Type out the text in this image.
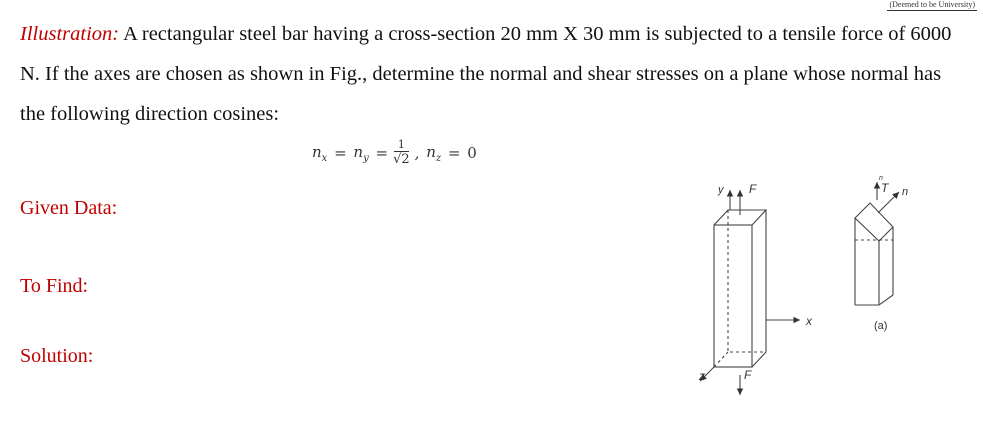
(Deemed to be University)

Illustration: A rectangular steel bar having a cross-section 20 mm X 30 mm is subjected to a tensile force of 6000 N. If the axes are chosen as shown in Fig., determine the normal and shear stresses on a plane whose normal has the following direction cosines:

$n_x = n_y = \frac{1}{√2}$ , $n_z = 0$
Given Data:
To Find:
Solution:
y F
x
z	F
n
T n
(a)
